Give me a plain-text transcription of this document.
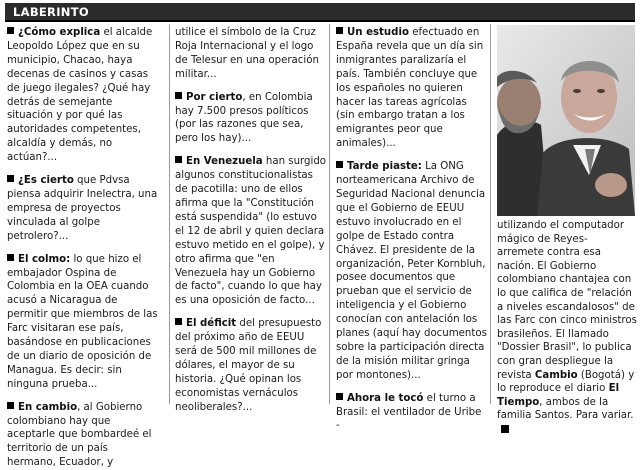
LABERINTO
¿Cómo explica el alcalde Leopoldo López que en su municipio, Chacao, haya decenas de casinos y casas de juego ilegales? ¿Qué hay detrás de semejante situación y por qué las autoridades competentes, alcaldía y demás, no actúan?...
¿Es cierto que Pdvsa piensa adquirir Inelectra, una empresa de proyectos vinculada al golpe petrolero?...
El colmo: lo que hizo el embajador Ospina de Colombia en la OEA cuando acusó a Nicaragua de permitir que miembros de las Farc visitaran ese país, basándose en publicaciones de un diario de oposición de Managua. Es decir: sin ninguna prueba...
En cambio, al Gobierno colombiano hay que aceptarle que bombardeé el territorio de un país hermano, Ecuador, y
utilice el símbolo de la Cruz Roja Internacional y el logo de Telesur en una operación militar...
Por cierto, en Colombia hay 7.500 presos políticos (por las razones que sea, pero los hay)...
En Venezuela han surgido algunos constitucionalistas de pacotilla: uno de ellos afirma que la "Constitución está suspendida" (lo estuvo el 12 de abril y quien declara estuvo metido en el golpe), y otro afirma que "en Venezuela hay un Gobierno de facto", cuando lo que hay es una oposición de facto...
El déficit del presupuesto del próximo año de EEUU será de 500 mil millones de dólares, el mayor de su historia. ¿Qué opinan los economistas vernáculos neoliberales?...
Un estudio efectuado en España revela que un día sin inmigrantes paralizaría el país. También concluye que los españoles no quieren hacer las tareas agrícolas (sin embargo tratan a los emigrantes peor que animales)...
Tarde piaste: La ONG norteamericana Archivo de Seguridad Nacional denuncia que el Gobierno de EEUU estuvo involucrado en el golpe de Estado contra Chávez. El presidente de la organización, Peter Kornbluh, posee documentos que prueban que el servicio de inteligencia y el Gobierno conocían con antelación los planes (aquí hay documentos sobre la participación directa de la misión militar gringa por montones)...
Ahora le tocó el turno a Brasil: el ventilador de Uribe -
utilizando el computador mágico de Reyes- arremete contra esa nación. El Gobierno colombiano chantajea con lo que califica de "relación a niveles escandalosos" de las Farc con cinco ministros brasileños. El llamado "Dossier Brasil", lo publica con gran despliegue la revista Cambio (Bogotá) y lo reproduce el diario El Tiempo, ambos de la familia Santos. Para variar.
